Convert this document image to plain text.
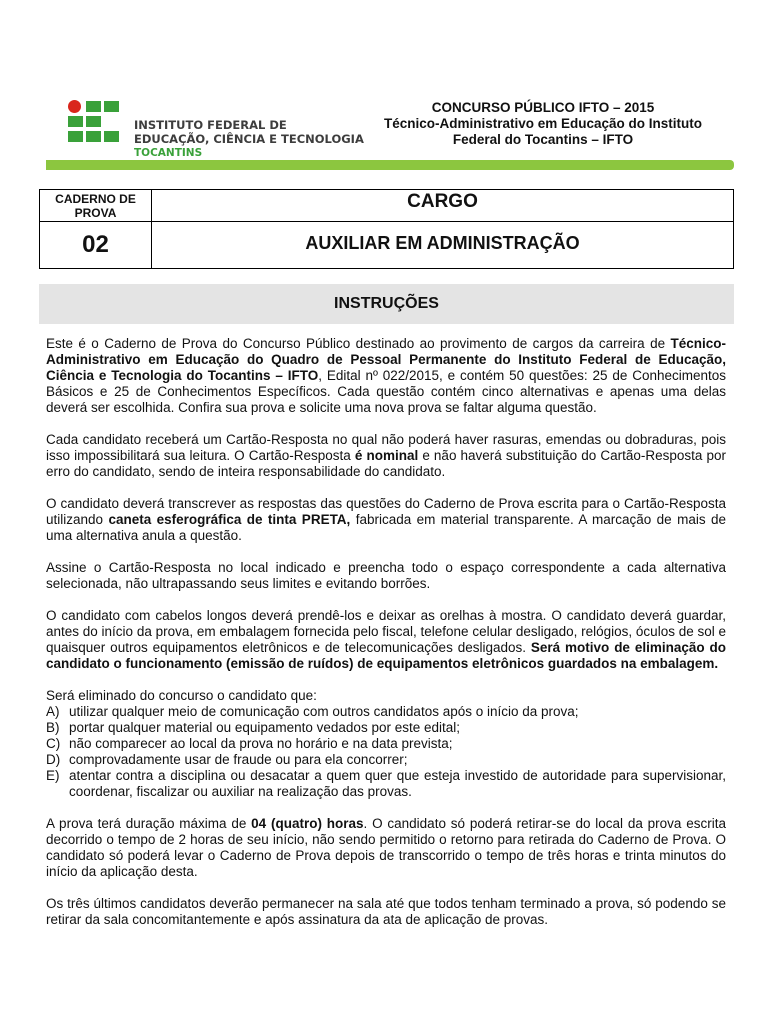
INSTITUTO FEDERAL DE
EDUCAÇÃO, CIÊNCIA E TECNOLOGIA
TOCANTINS
CONCURSO PÚBLICO IFTO – 2015
Técnico-Administrativo em Educação do Instituto
Federal do Tocantins – IFTO
CADERNO DE PROVA
CARGO
02	AUXILIAR EM ADMINISTRAÇÃO
INSTRUÇÕES

Este é o Caderno de Prova do Concurso Público destinado ao provimento de cargos da carreira de Técnico-Administrativo em Educação do Quadro de Pessoal Permanente do Instituto Federal de Educação, Ciência e Tecnologia do Tocantins – IFTO, Edital nº 022/2015, e contém 50 questões: 25 de Conhecimentos Básicos e 25 de Conhecimentos Específicos. Cada questão contém cinco alternativas e apenas uma delas deverá ser escolhida. Confira sua prova e solicite uma nova prova se faltar alguma questão.

Cada candidato receberá um Cartão-Resposta no qual não poderá haver rasuras, emendas ou dobraduras, pois isso impossibilitará sua leitura. O Cartão-Resposta é nominal e não haverá substituição do Cartão-Resposta por erro do candidato, sendo de inteira responsabilidade do candidato.

O candidato deverá transcrever as respostas das questões do Caderno de Prova escrita para o Cartão-Resposta utilizando caneta esferográfica de tinta PRETA, fabricada em material transparente. A marcação de mais de uma alternativa anula a questão.

Assine o Cartão-Resposta no local indicado e preencha todo o espaço correspondente a cada alternativa selecionada, não ultrapassando seus limites e evitando borrões.

O candidato com cabelos longos deverá prendê-los e deixar as orelhas à mostra. O candidato deverá guardar, antes do início da prova, em embalagem fornecida pelo fiscal, telefone celular desligado, relógios, óculos de sol e quaisquer outros equipamentos eletrônicos e de telecomunicações desligados. Será motivo de eliminação do candidato o funcionamento (emissão de ruídos) de equipamentos eletrônicos guardados na embalagem.

Será eliminado do concurso o candidato que:
A) utilizar qualquer meio de comunicação com outros candidatos após o início da prova;
B) portar qualquer material ou equipamento vedados por este edital;
C) não comparecer ao local da prova no horário e na data prevista;
D) comprovadamente usar de fraude ou para ela concorrer;
E) atentar contra a disciplina ou desacatar a quem quer que esteja investido de autoridade para supervisionar, coordenar, fiscalizar ou auxiliar na realização das provas.

A prova terá duração máxima de 04 (quatro) horas. O candidato só poderá retirar-se do local da prova escrita decorrido o tempo de 2 horas de seu início, não sendo permitido o retorno para retirada do Caderno de Prova. O candidato só poderá levar o Caderno de Prova depois de transcorrido o tempo de três horas e trinta minutos do início da aplicação desta.

Os três últimos candidatos deverão permanecer na sala até que todos tenham terminado a prova, só podendo se retirar da sala concomitantemente e após assinatura da ata de aplicação de provas.
